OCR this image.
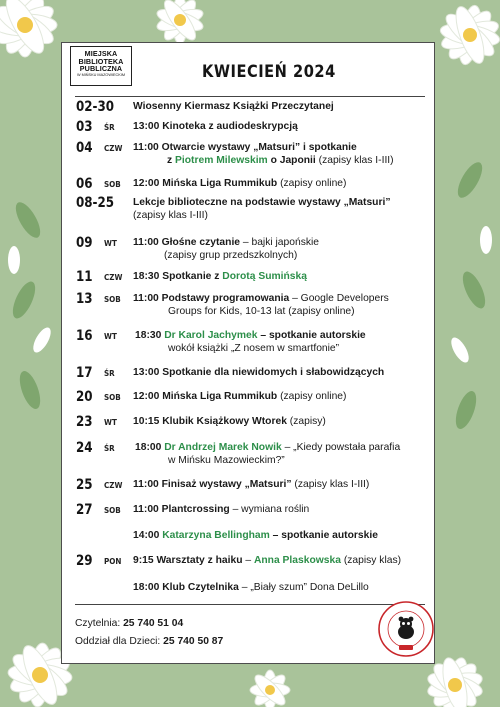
MIEJSKA
BIBLIOTEKA
PUBLICZNA
W MIŃSKU MAZOWIECKIM	KWIECIEŃ 2024
02-30 Wiosenny Kiermasz Książki Przeczytanej
03 ŚR 13:00 Kinoteka z audiodeskrypcją
04 CZW 11:00 Otwarcie wystawy „Matsuri” i spotkanie
z Piotrem Milewskim o Japonii (zapisy klas I-III)
06 SOB 12:00 Mińska Liga Rummikub (zapisy online)
08-25 Lekcje biblioteczne na podstawie wystawy „Matsuri”
(zapisy klas I-III)
09 WT 11:00 Głośne czytanie – bajki japońskie
(zapisy grup przedszkolnych)
11 CZW 18:30 Spotkanie z Dorotą Sumińską
13 SOB 11:00 Podstawy programowania – Google Developers
Groups for Kids, 10-13 lat (zapisy online)
16 WT 18:30 Dr Karol Jachymek – spotkanie autorskie
wokół książki „Z nosem w smartfonie”
17 ŚR 13:00 Spotkanie dla niewidomych i słabowidzących
20 SOB 12:00 Mińska Liga Rummikub (zapisy online)
23 WT 10:15 Klubik Książkowy Wtorek (zapisy)
24 ŚR 18:00 Dr Andrzej Marek Nowik – „Kiedy powstała parafia
w Mińsku Mazowieckim?”
25 CZW 11:00 Finisaż wystawy „Matsuri” (zapisy klas I-III)
27 SOB 11:00 Plantcrossing – wymiana roślin
14:00 Katarzyna Bellingham – spotkanie autorskie
29 PON 9:15 Warsztaty z haiku – Anna Plaskowska (zapisy klas)
18:00 Klub Czytelnika – „Biały szum” Dona DeLillo
Czytelnia: 25 740 51 04
Oddział dla Dzieci: 25 740 50 87
